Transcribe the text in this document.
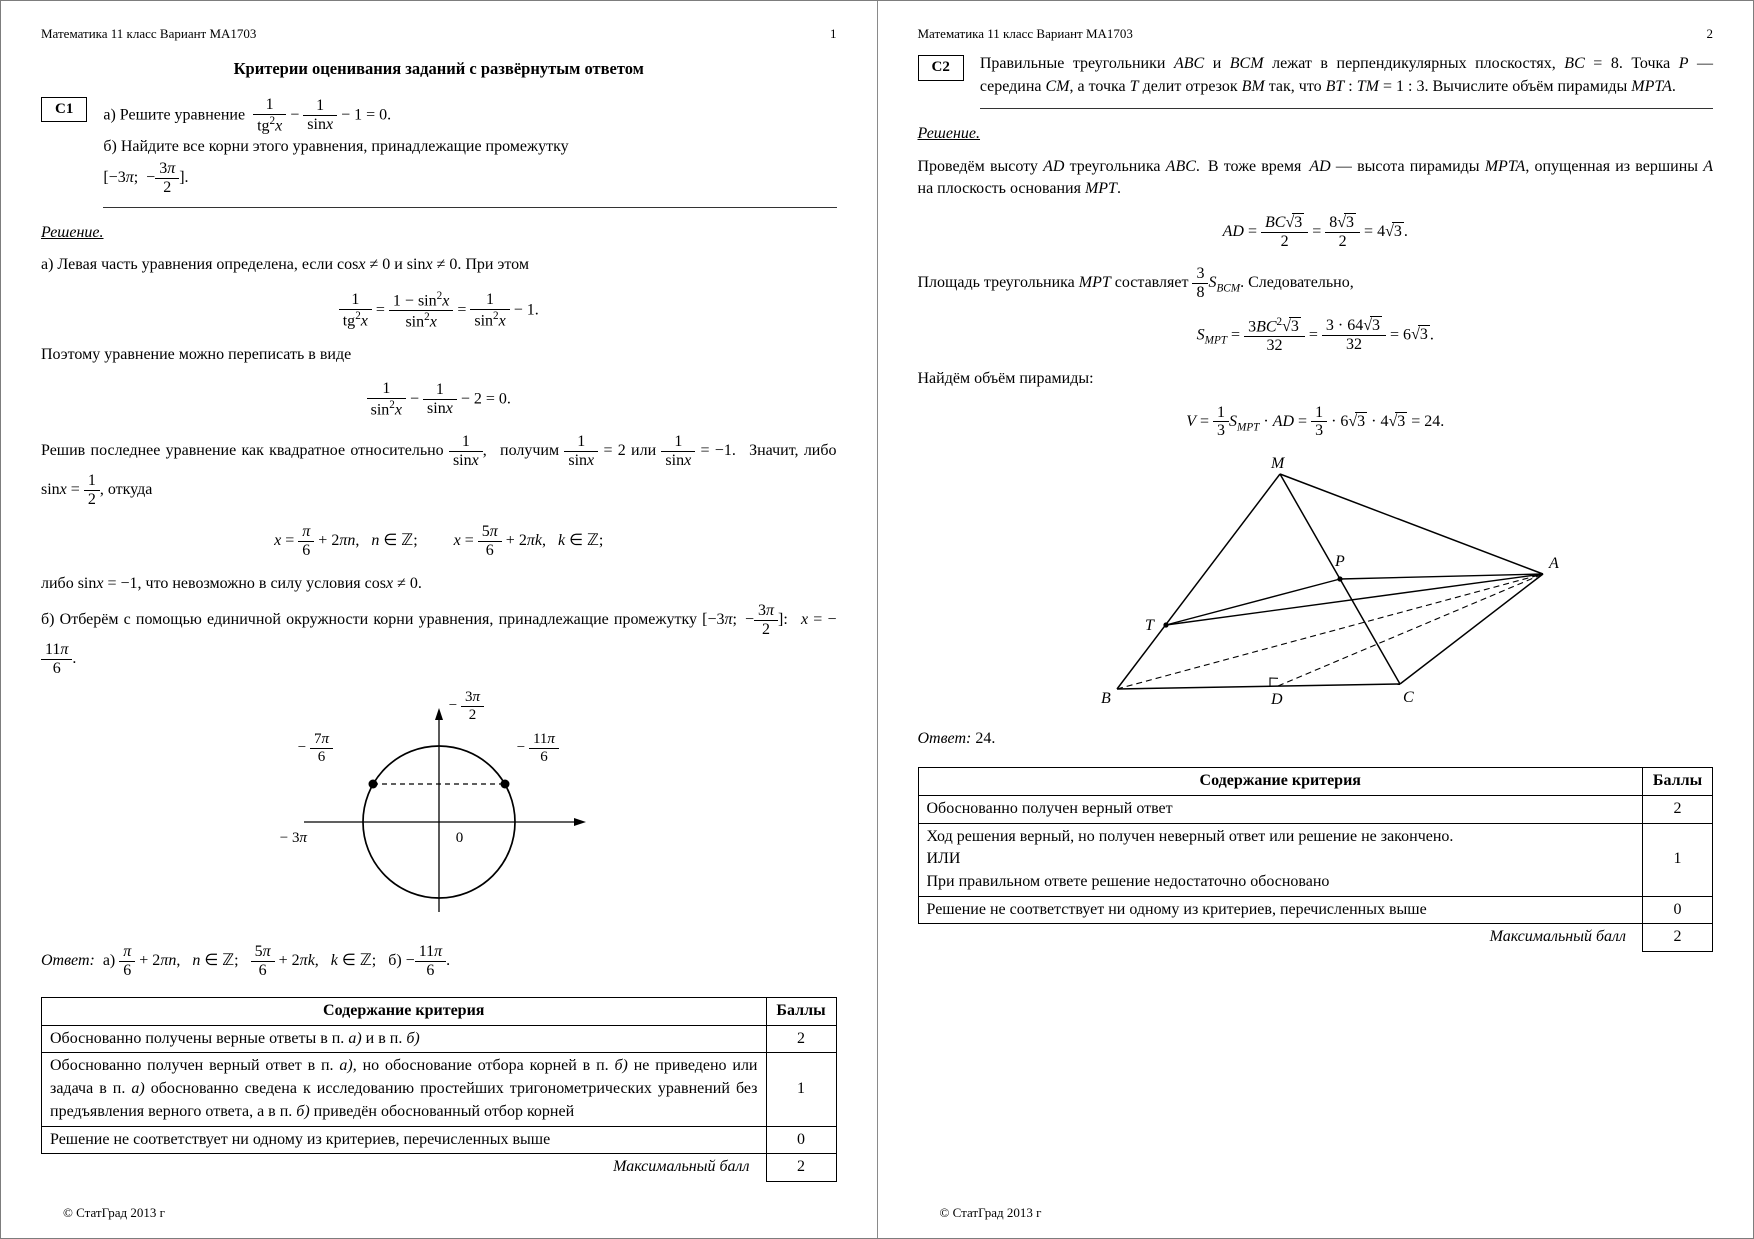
Математика 11 класс Вариант МА1703	1
Критерии оценивания заданий с развёрнутым ответом
С1	а) Решите уравнение  $\frac{1}{tg^2x} - \frac{1}{\sin x} - 1 = 0$.
б) Найдите все корни этого уравнения, принадлежащие промежутку
[−3π; − $\frac{3\pi}{2}$ ].
Решение.

а) Левая часть уравнения определена, если cosx ≠ 0 и sinx ≠ 0. При этом

$\frac{1}{tg^2x} = \frac{1 - \sin^2x}{\sin^2x} = \frac{1}{\sin^2x} - 1$.

Поэтому уравнение можно переписать в виде

$\frac{1}{\sin^2x} - \frac{1}{\sin x} - 2 = 0$.

Решив последнее уравнение как квадратное относительно $\frac{1}{\sin x}$ ,  получим $\frac{1}{\sin x} = 2$ или $\frac{1}{\sin x} = -1$.  Значит, либо $\sin x = \frac{1}{2}$ , откуда

$x = \frac{\pi}{6} + 2\pi n$,  n ∈ ℤ;   $x = \frac{5\pi}{6} + 2\pi k$,  k ∈ ℤ;

либо sinx = −1, что невозможно в силу условия cosx ≠ 0.

б) Отберём с помощью единичной окружности корни уравнения, принадлежащие промежутку [−3π; − $\frac{3\pi}{2}$ ]:  x = −
$\frac{11\pi}{6}$ .

− $\frac{3\pi}{2}$
− $\frac{7\pi}{6}$	− $\frac{11\pi}{6}$
− 3π	0
Ответ: $а) \frac{\pi}{6} + 2\pi n$,  n ∈ ℤ;  $\frac{5\pi}{6} + 2\pi k$,  k ∈ ℤ;  $б) - \frac{11\pi}{6}$ .
Содержание критерия	Баллы
Обоснованно получены верные ответы в п. а) и в п. б)	2
Обоснованно получен верный ответ в п. а), но обоснование отбора корней в п. б) не приведено или задача в п. а) обоснованно сведена к исследованию простейших тригонометрических уравнений без предъявления верного ответа, а в п. б) приведён обоснованный отбор корней	1
Решение не соответствует ни одному из критериев, перечисленных выше	0
Максимальный балл	2
© СтатГрад 2013 г
Математика 11 класс Вариант МА1703	2
С2	Правильные треугольники ABC и BCM лежат в перпендикулярных плоскостях, BC = 8. Точка P — середина CM, а точка T делит отрезок BM так, что BT : TM = 1 : 3. Вычислите объём пирамиды MPTA.
Решение.

Проведём высоту AD треугольника ABC. В тоже время AD — высота пирамиды MPTA, опущенная из вершины A на плоскость основания MPT.

AD = $\frac{BC√3}{2} = \frac{8√3}{2} = 4√3$ .

Площадь треугольника MPT составляет $\frac{3}{8} S_{BCM}$. Следовательно,

$S_{MPT} = \frac{3BC^2√3}{32} = \frac{3 \cdot 64√3}{32} = 6√3$ .

Найдём объём пирамиды:

$V = \frac{1}{3} S_{MPT}$ · AD = $\frac{1}{3} \cdot 6√3 \cdot 4√3 = 24$.
M
A
T
P
B	D	C
Ответ: 24.
Содержание критерия	Баллы
Обоснованно получен верный ответ	2
Ход решения верный, но получен неверный ответ или решение не закончено.
ИЛИ
При правильном ответе решение недостаточно обосновано	1
Решение не соответствует ни одному из критериев, перечисленных выше	0
Максимальный балл	2
© СтатГрад 2013 г
